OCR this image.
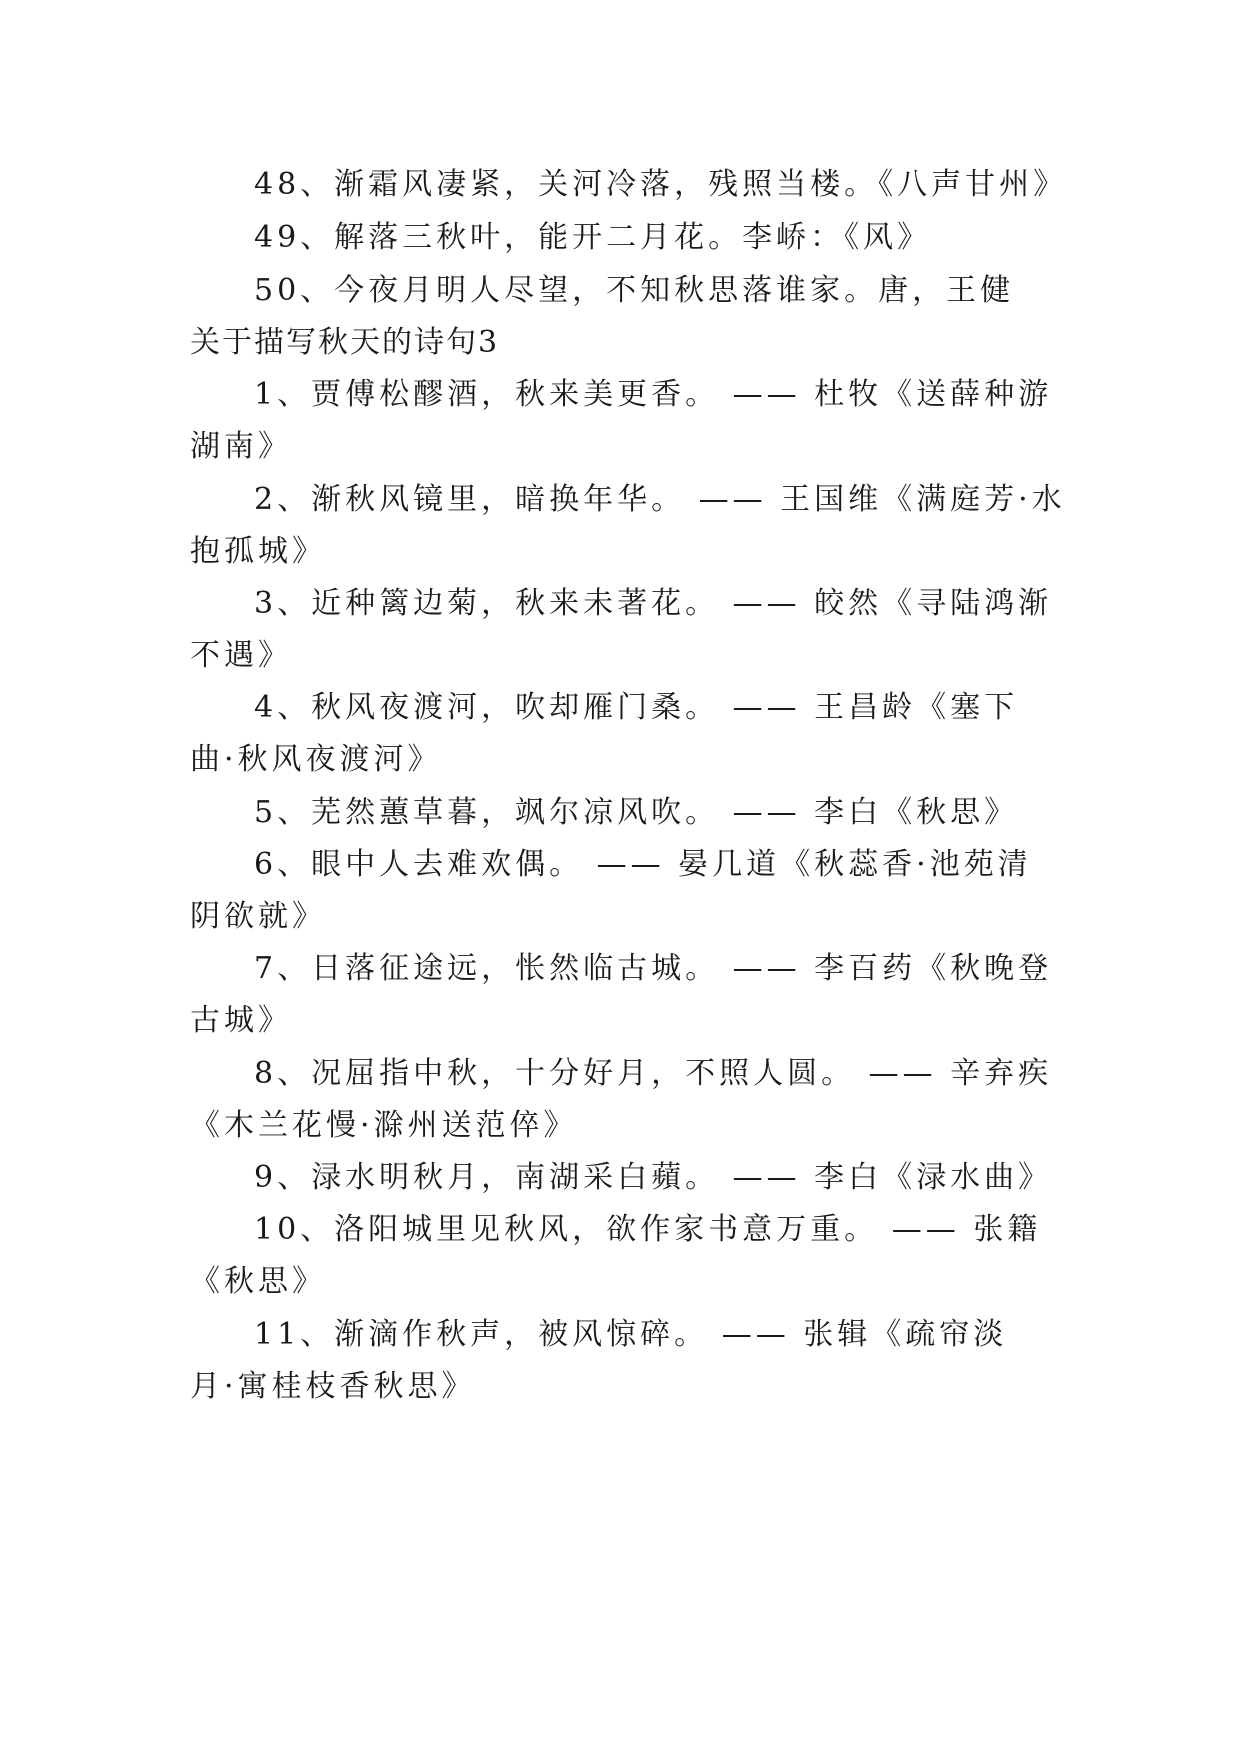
48、渐霜风凄紧，关河冷落，残照当楼。《八声甘州》
49、解落三秋叶，能开二月花。李峤：《风》
50、今夜月明人尽望，不知秋思落谁家。唐，王健
关于描写秋天的诗句3
1、贾傅松醪酒，秋来美更香。 —— 杜牧《送薛种游
湖南》
2、渐秋风镜里，暗换年华。 —— 王国维《满庭芳·水
抱孤城》
3、近种篱边菊，秋来未著花。 —— 皎然《寻陆鸿渐
不遇》
4、秋风夜渡河，吹却雁门桑。 —— 王昌龄《塞下
曲·秋风夜渡河》
5、芜然蕙草暮，飒尔凉风吹。 —— 李白《秋思》
6、眼中人去难欢偶。 —— 晏几道《秋蕊香·池苑清
阴欲就》
7、日落征途远，怅然临古城。 —— 李百药《秋晚登
古城》
8、况屈指中秋，十分好月，不照人圆。 —— 辛弃疾
《木兰花慢·滁州送范倅》
9、渌水明秋月，南湖采白蘋。 —— 李白《渌水曲》
10、洛阳城里见秋风，欲作家书意万重。 —— 张籍
《秋思》
11、渐滴作秋声，被风惊碎。 —— 张辑《疏帘淡
月·寓桂枝香秋思》
